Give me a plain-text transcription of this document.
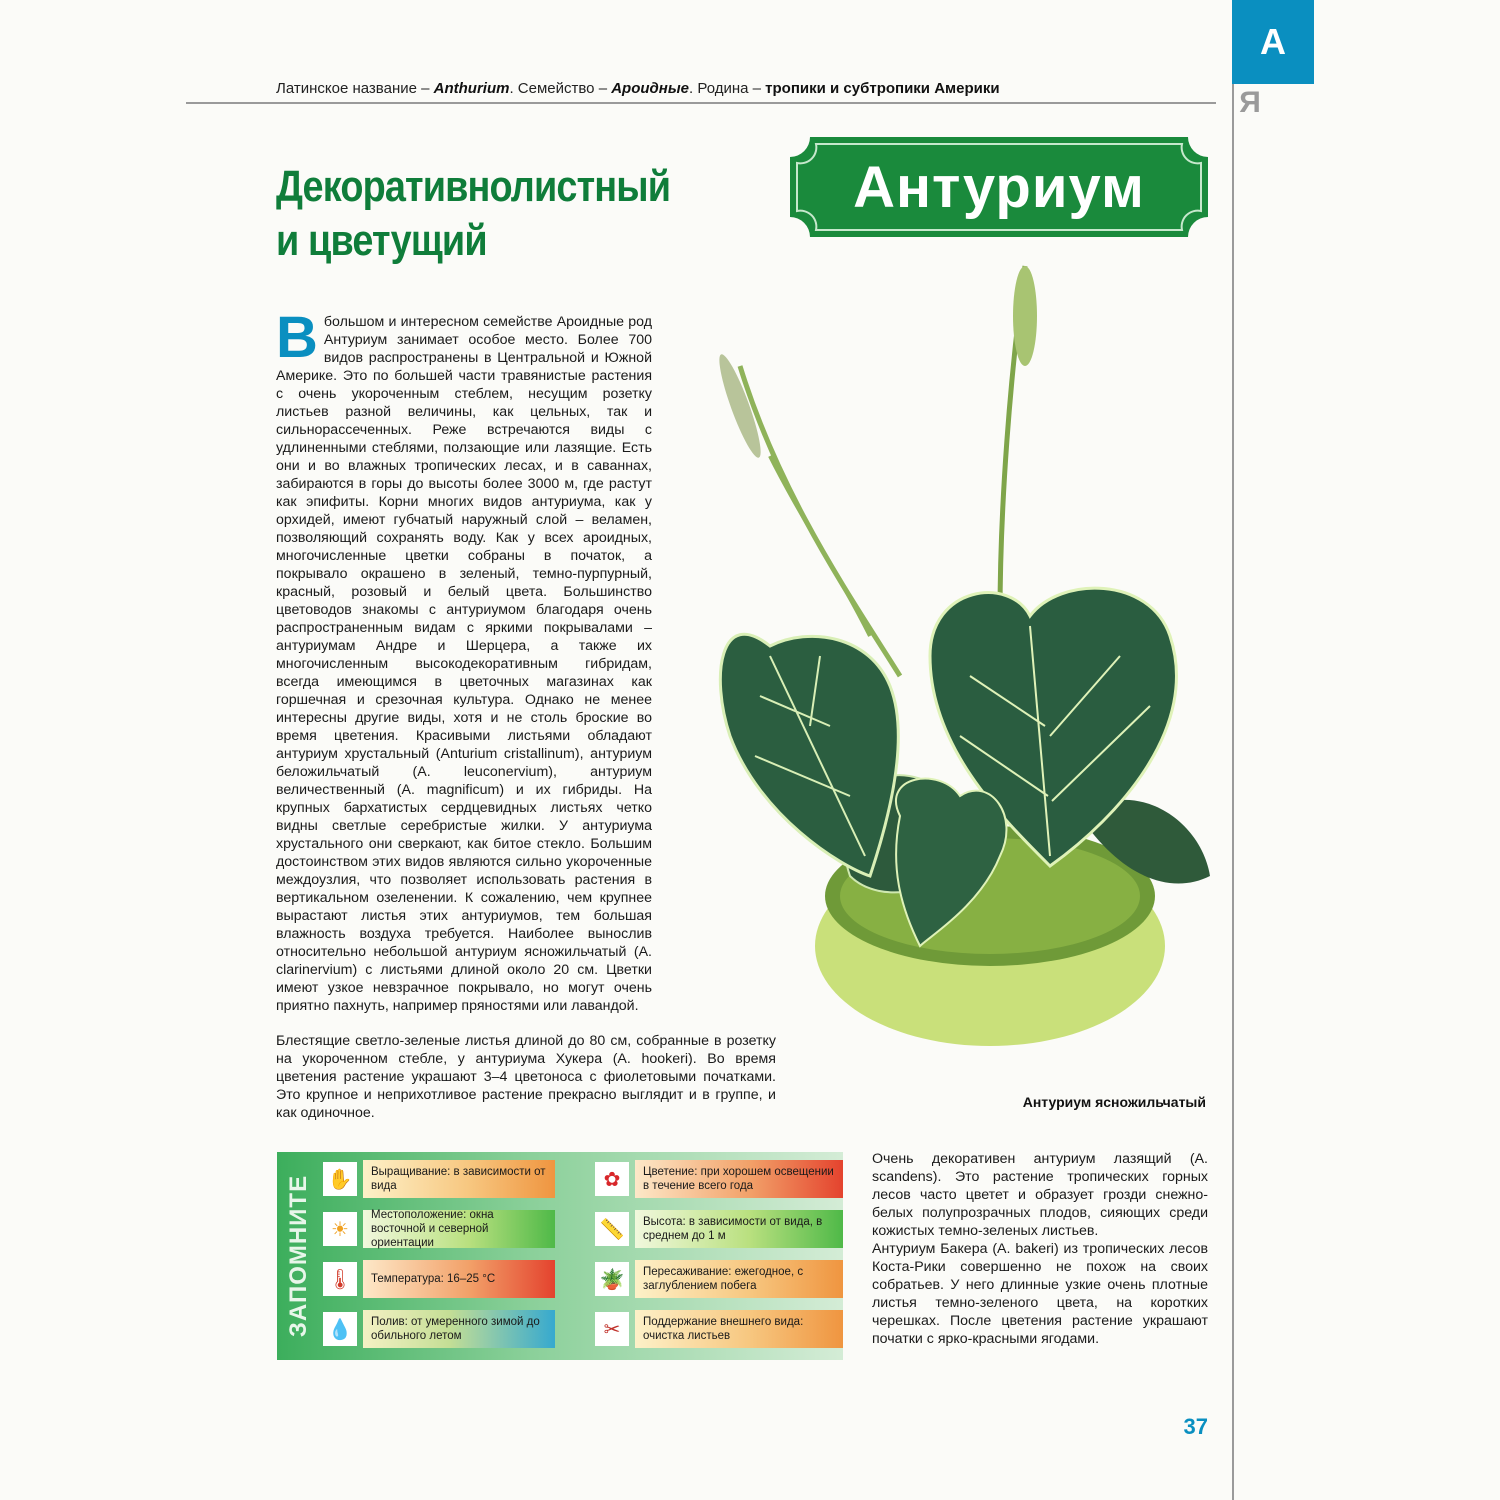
А
Я
Латинское название – Anthurium. Семейство – Ароидные. Родина – тропики и субтропики Америки
Декоративнолистный
и цветущий
Антуриум

Вбольшом и интересном семействе Ароидные род Антуриум занимает особое место. Более 700 видов распространены в Центральной и Южной Америке. Это по большей части травянистые растения с очень укороченным стеблем, несущим розетку листьев разной величины, как цельных, так и сильнорассеченных. Реже встречаются виды с удлиненными стеблями, ползающие или лазящие. Есть они и во влажных тропических лесах, и в саваннах, забираются в горы до высоты более 3000 м, где растут как эпифиты. Корни многих видов антуриума, как у орхидей, имеют губчатый наружный слой – веламен, позволяющий сохранять воду. Как у всех ароидных, многочисленные цветки собраны в початок, а покрывало окрашено в зеленый, темно-пурпурный, красный, розовый и белый цвета. Большинство цветоводов знакомы с антуриумом благодаря очень распространенным видам с яркими покрывалами – антуриумам Андре и Шерцера, а также их многочисленным высокодекоративным гибридам, всегда имеющимся в цветочных магазинах как горшечная и срезочная культура. Однако не менее интересны другие виды, хотя и не столь броские во время цветения. Красивыми листьями обладают антуриум хрустальный (Anturium cristallinum), антуриум беложильчатый (A. leuconervium), антуриум величественный (A. magnificum) и их гибриды. На крупных бархатистых сердцевидных листьях четко видны светлые серебристые жилки. У антуриума хрустального они сверкают, как битое стекло. Большим достоинством этих видов являются сильно укороченные междоузлия, что позволяет использовать растения в вертикальном озеленении. К сожалению, чем крупнее вырастают листья этих антуриумов, тем большая влажность воздуха требуется. Наиболее вынослив относительно небольшой антуриум ясножильчатый (A. clarinervium) с листьями длиной около 20 см. Цветки имеют узкое невзрачное покрывало, но могут очень приятно пахнуть, например пряностями или лавандой.

Блестящие светло-зеленые листья длиной до 80 см, собранные в розетку на укороченном стебле, у антуриума Хукера (A. hookeri). Во время цветения растение украшают 3–4 цветоноса с фиолетовыми початками. Это крупное и неприхотливое растение прекрасно выглядит и в группе, и как одиночное.

Антуриум ясножильчатый

Очень декоративен антуриум лазящий (A. scandens). Это растение тропических горных лесов часто цветет и образует грозди снежно-белых полупрозрачных плодов, сияющих среди кожистых темно-зеленых листьев.

Антуриум Бакера (A. bakeri) из тропических лесов Коста-Рики совершенно не похож на своих собратьев. У него длинные узкие очень плотные листья темно-зеленого цвета, на коротких черешках. После цветения растение украшают початки с ярко-красными ягодами.

ЗАПОМНИТЕ ✋	Выращивание: в зависимости от вида
☀
Местоположение: окна восточной и северной ориентации
🌡	Температура: 16–25 °С
💧	Полив: от умеренного зимой до обильного летом
✿	Цветение: при хорошем освещении в течение всего года
📏	Высота: в зависимости от вида, в среднем до 1 м
🪴	Пересаживание: ежегодное, с заглублением побега
✂	Поддержание внешнего вида: очистка листьев
37
